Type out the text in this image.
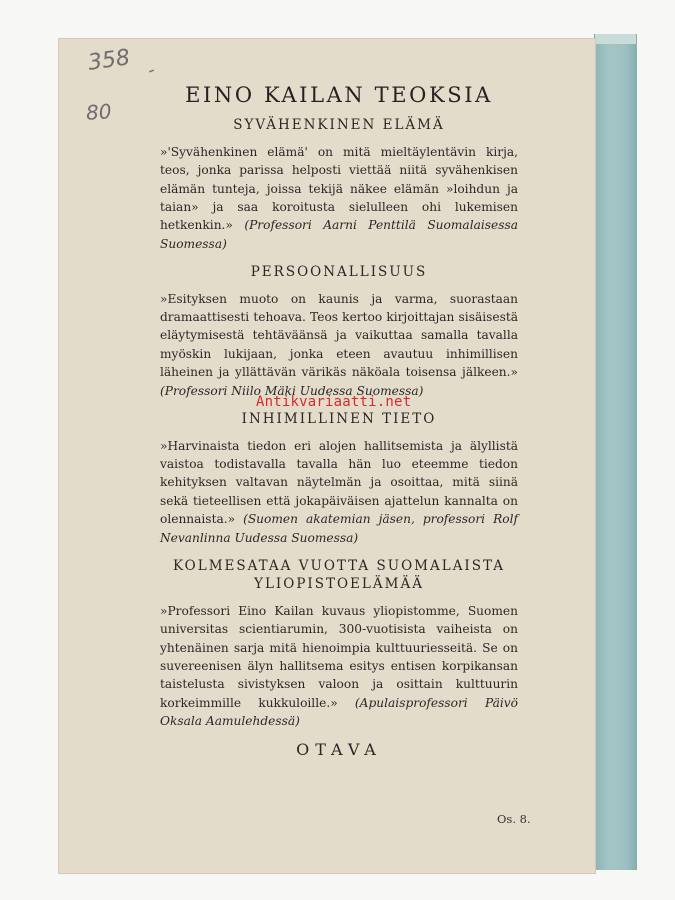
358
80
-
EINO KAILAN TEOKSIA
SYVÄHENKINEN ELÄMÄ

»'Syvähenkinen elämä' on mitä mieltäylentävin kirja, teos, jonka parissa helposti viettää niitä syvähenkisen elämän tunteja, joissa tekijä näkee elämän »loihdun ja taian» ja saa koroitusta sielulleen ohi lukemisen hetkenkin.» (Professori Aarni Penttilä Suomalaisessa Suomessa)

PERSOONALLISUUS

»Esityksen muoto on kaunis ja varma, suorastaan dramaattisesti tehoava. Teos kertoo kirjoittajan sisäisestä eläytymisestä tehtäväänsä ja vaikuttaa samalla tavalla myöskin lukijaan, jonka eteen avautuu inhimillisen läheinen ja yllättävän värikäs näköala toisensa jälkeen.» (Professori Niilo Mäki Uudessa Suomessa)

INHIMILLINEN TIETO

»Harvinaista tiedon eri alojen hallitsemista ja älyllistä vaistoa todistavalla tavalla hän luo eteemme tiedon kehityksen valtavan näytelmän ja osoittaa, mitä siinä sekä tieteellisen että jokapäiväisen ajattelun kannalta on olennaista.» (Suomen akatemian jäsen, professori Rolf Nevanlinna Uudessa Suomessa)

KOLMESATAA VUOTTA SUOMALAISTA YLIOPISTOELÄMÄÄ

»Professori Eino Kailan kuvaus yliopistomme, Suomen universitas scientiarumin, 300-vuotisista vaiheista on yhtenäinen sarja mitä hienoimpia kulttuuriesseitä. Se on suvereenisen älyn hallitsema esitys entisen korpikansan taistelusta sivistyksen valoon ja osittain kulttuurin korkeimmille kukkuloille.» (Apulaisprofessori Päivö Oksala Aamulehdessä)

OTAVA
Os. 8.
Antikvariaatti.net
